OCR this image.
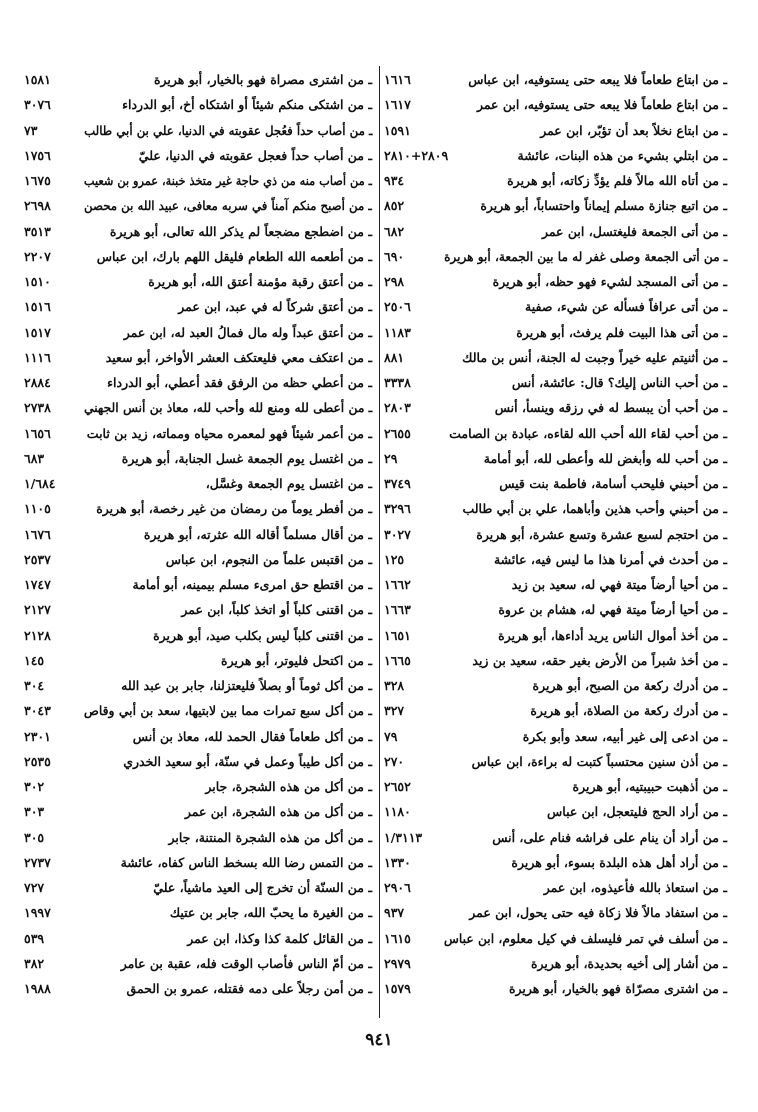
١٦١٦	ـ من ابتاع طعاماً فلا يبعه حتى يستوفيه، ابن عباس
١٦١٧	ـ من ابتاع طعاماً فلا يبعه حتى يستوفيه، ابن عمر
١٥٩١	ـ من ابتاع نخلاً بعد أن تؤبّر، ابن عمر
٢٨٠٩+٢٨١٠	ـ من ابتلي بشيء من هذه البنات، عائشة
٩٣٤	ـ من أتاه الله مالاً فلم يؤدِّ زكاته، أبو هريرة
٨٥٢	ـ من اتبع جنازة مسلم إيماناً واحتساباً، أبو هريرة
٦٨٢	ـ من أتى الجمعة فليغتسل، ابن عمر
٦٩٠	ـ من أتى الجمعة وصلى غفر له ما بين الجمعة، أبو هريرة
٢٩٨	ـ من أتى المسجد لشيء فهو حظه، أبو هريرة
٢٥٠٦	ـ من أتى عرافاً فسأله عن شيء، صفية
١١٨٣	ـ من أتى هذا البيت فلم يرفث، أبو هريرة
٨٨١	ـ من أثنيتم عليه خيراً وجبت له الجنة، أنس بن مالك
٣٣٣٨	ـ من أحب الناس إليك؟ قال: عائشة، أنس
٢٨٠٣	ـ من أحب أن يبسط له في رزقه وينسأ، أنس
٢٦٥٥	ـ من أحب لقاء الله أحب الله لقاءه، عبادة بن الصامت
٢٩	ـ من أحب لله وأبغض لله وأعطى لله، أبو أمامة
٣٧٤٩	ـ من أحبني فليحب أسامة، فاطمة بنت قيس
٣٢٩٦	ـ من أحبني وأحب هذين وأباهما، علي بن أبي طالب
٣٠٢٧	ـ من احتجم لسبع عشرة وتسع عشرة، أبو هريرة
١٢٥	ـ من أحدث في أمرنا هذا ما ليس فيه، عائشة
١٦٦٢	ـ من أحيا أرضاً ميتة فهي له، سعيد بن زيد
١٦٦٣	ـ من أحيا أرضاً ميتة فهي له، هشام بن عروة
١٦٥١	ـ من أخذ أموال الناس يريد أداءها، أبو هريرة
١٦٦٥	ـ من أخذ شبراً من الأرض بغير حقه، سعيد بن زيد
٣٢٨	ـ من أدرك ركعة من الصبح، أبو هريرة
٣٢٧	ـ من أدرك ركعة من الصلاة، أبو هريرة
٧٩	ـ من ادعى إلى غير أبيه، سعد وأبو بكرة
٢٧٠	ـ من أذن سنين محتسباً كتبت له براءة، ابن عباس
٢٦٥٢	ـ من أذهبت حبيبتيه، أبو هريرة
١١٨٠	ـ من أراد الحج فليتعجل، ابن عباس
١/٣١١٣	ـ من أراد أن ينام على فراشه فنام على، أنس
١٣٣٠	ـ من أراد أهل هذه البلدة بسوء، أبو هريرة
٢٩٠٦	ـ من استعاذ بالله فأعيذوه، ابن عمر
٩٣٧	ـ من استفاد مالاً فلا زكاة فيه حتى يحول، ابن عمر
١٦١٥	ـ من أسلف في تمر فليسلف في كيل معلوم، ابن عباس
٢٩٧٩	ـ من أشار إلى أخيه بحديدة، أبو هريرة
١٥٧٩	ـ من اشترى مصرّاة فهو بالخيار، أبو هريرة
١٥٨١	ـ من اشترى مصراة فهو بالخيار، أبو هريرة
٣٠٧٦	ـ من اشتكى منكم شيئاً أو اشتكاه أخ، أبو الدرداء
٧٣	ـ من أصاب حداً فعُجل عقوبته في الدنيا، علي بن أبي طالب
١٧٥٦	ـ من أصاب حداً فعجل عقوبته في الدنيا، عليّ
١٦٧٥	ـ من أصاب منه من ذي حاجة غير متخذ خبنة، عمرو بن شعيب
٢٦٩٨	ـ من أصبح منكم آمناً في سربه معافى، عبيد الله بن محصن
٣٥١٣	ـ من اضطجع مضجعاً لم يذكر الله تعالى، أبو هريرة
٢٢٠٧	ـ من أطعمه الله الطعام فليقل اللهم بارك، ابن عباس
١٥١٠	ـ من أعتق رقبة مؤمنة أعتق الله، أبو هريرة
١٥١٦	ـ من أعتق شركاً له في عبد، ابن عمر
١٥١٧	ـ من أعتق عبداً وله مال فمالُ العبد له، ابن عمر
١١١٦	ـ من اعتكف معي فليعتكف العشر الأواخر، أبو سعيد
٢٨٨٤	ـ من أعطي حظه من الرفق فقد أعطي، أبو الدرداء
٢٧٣٨	ـ من أعطى لله ومنع لله وأحب لله، معاذ بن أنس الجهني
١٦٥٦	ـ من أعمر شيئاً فهو لمعمره محياه ومماته، زيد بن ثابت
٦٨٣	ـ من اغتسل يوم الجمعة غسل الجنابة، أبو هريرة
١/٦٨٤	ـ من اغتسل يوم الجمعة وغسَّل،
١١٠٥	ـ من أفطر يوماً من رمضان من غير رخصة، أبو هريرة
١٦٧٦	ـ من أقال مسلماً أقاله الله عثرته، أبو هريرة
٢٥٣٧	ـ من اقتبس علماً من النجوم، ابن عباس
١٧٤٧	ـ من اقتطع حق امرىء مسلم بيمينه، أبو أمامة
٢١٢٧	ـ من اقتنى كلباً أو اتخذ كلباً، ابن عمر
٢١٢٨	ـ من اقتنى كلباً ليس بكلب صيد، أبو هريرة
١٤٥	ـ من اكتحل فليوتر، أبو هريرة
٣٠٤	ـ من أكل ثوماً أو بصلاً فليعتزلنا، جابر بن عبد الله
٣٠٤٣	ـ من أكل سبع تمرات مما بين لابتيها، سعد بن أبي وقاص
٢٣٠١	ـ من أكل طعاماً فقال الحمد لله، معاذ بن أنس
٢٥٣٥	ـ من أكل طيباً وعمل في سنّة، أبو سعيد الخدري
٣٠٢	ـ من أكل من هذه الشجرة، جابر
٣٠٣	ـ من أكل من هذه الشجرة، ابن عمر
٣٠٥	ـ من أكل من هذه الشجرة المنتنة، جابر
٢٧٣٧	ـ من التمس رضا الله بسخط الناس كفاه، عائشة
٧٢٧	ـ من السنّة أن تخرج إلى العيد ماشياً، عليّ
١٩٩٧	ـ من الغيرة ما يحبّ الله، جابر بن عتيك
٥٣٩	ـ من القائل كلمة كذا وكذا، ابن عمر
٣٨٢	ـ من أمّ الناس فأصاب الوقت فله، عقبة بن عامر
١٩٨٨	ـ من أمن رجلاً على دمه فقتله، عمرو بن الحمق
٩٤١
